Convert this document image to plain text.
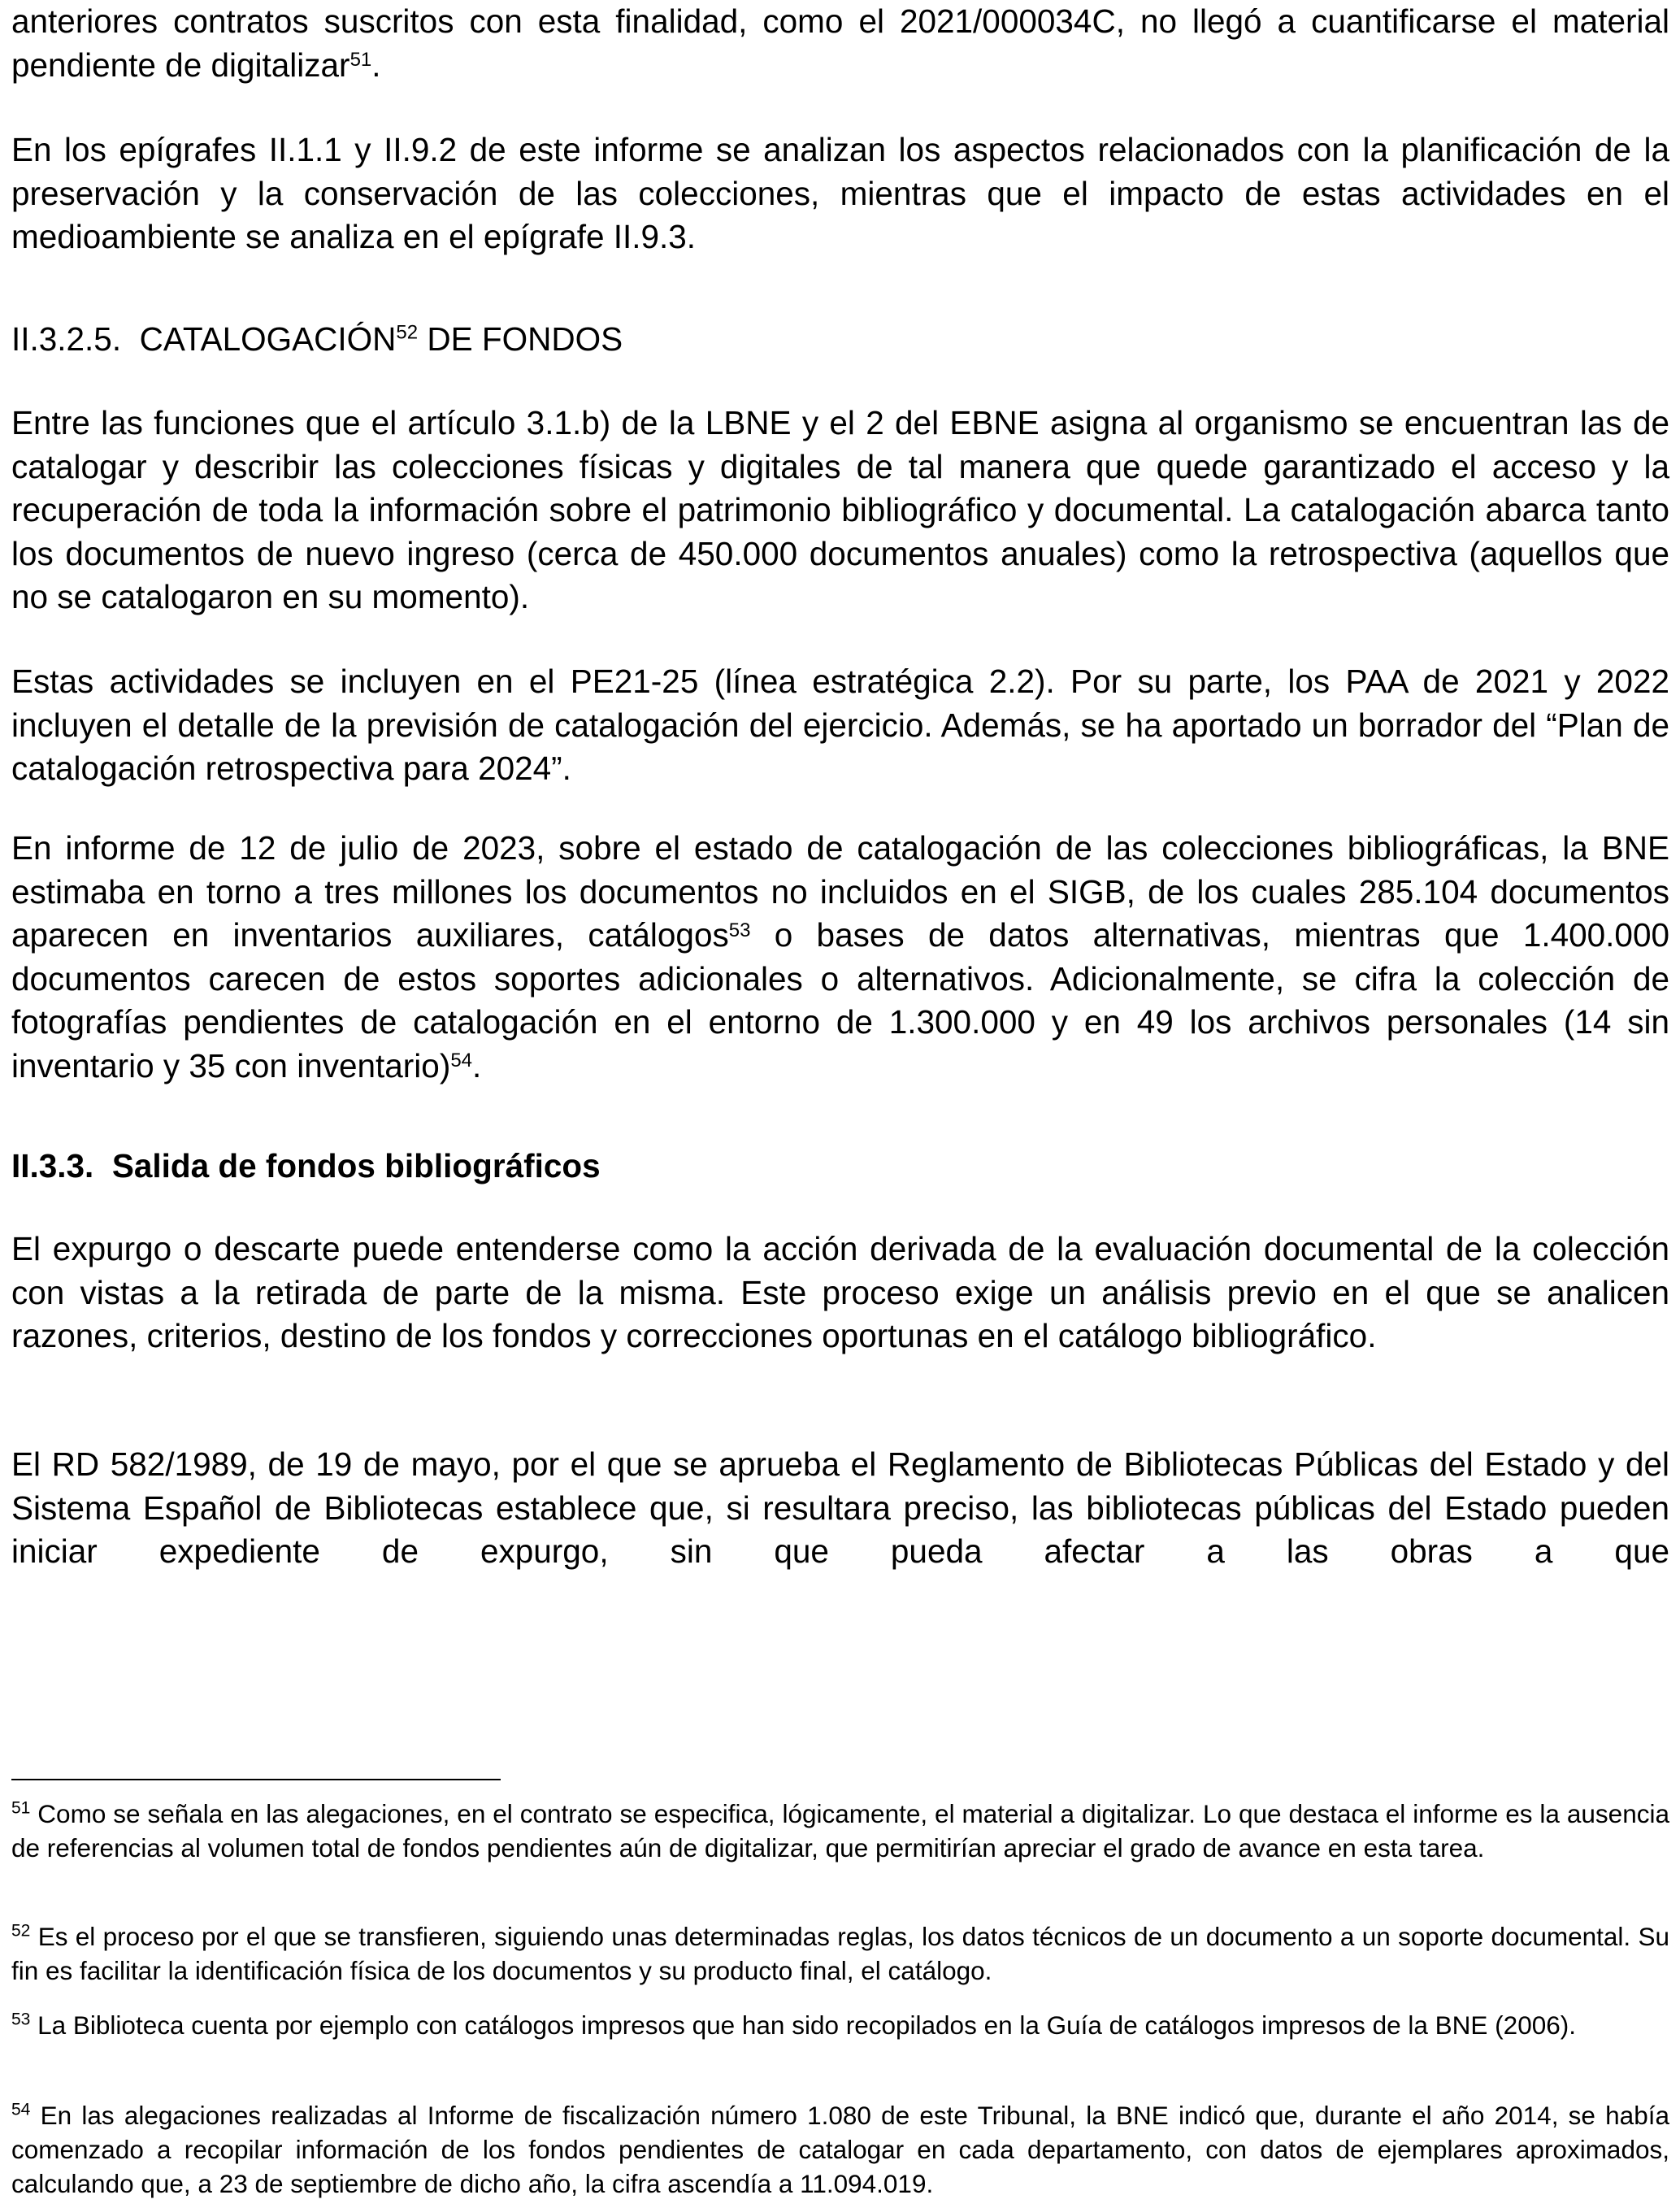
anteriores contratos suscritos con esta finalidad, como el 2021/000034C, no llegó a cuantificarse el material pendiente de digitalizar$^{51}$.

En los epígrafes II.1.1 y II.9.2 de este informe se analizan los aspectos relacionados con la planificación de la preservación y la conservación de las colecciones, mientras que el impacto de estas actividades en el medioambiente se analiza en el epígrafe II.9.3.

II.3.2.5. CATALOGACIÓN$^{52}$ DE FONDOS

Entre las funciones que el artículo 3.1.b) de la LBNE y el 2 del EBNE asigna al organismo se encuentran las de catalogar y describir las colecciones físicas y digitales de tal manera que quede garantizado el acceso y la recuperación de toda la información sobre el patrimonio bibliográfico y documental. La catalogación abarca tanto los documentos de nuevo ingreso (cerca de 450.000 documentos anuales) como la retrospectiva (aquellos que no se catalogaron en su momento).

Estas actividades se incluyen en el PE21-25 (línea estratégica 2.2). Por su parte, los PAA de 2021 y 2022 incluyen el detalle de la previsión de catalogación del ejercicio. Además, se ha aportado un borrador del “Plan de catalogación retrospectiva para 2024”.

En informe de 12 de julio de 2023, sobre el estado de catalogación de las colecciones bibliográficas, la BNE estimaba en torno a tres millones los documentos no incluidos en el SIGB, de los cuales 285.104 documentos aparecen en inventarios auxiliares, catálogos$^{53}$ o bases de datos alternativas, mientras que 1.400.000 documentos carecen de estos soportes adicionales o alternativos. Adicionalmente, se cifra la colección de fotografías pendientes de catalogación en el entorno de 1.300.000 y en 49 los archivos personales (14 sin inventario y 35 con inventario)$^{54}$.

II.3.3. Salida de fondos bibliográficos

El expurgo o descarte puede entenderse como la acción derivada de la evaluación documental de la colección con vistas a la retirada de parte de la misma. Este proceso exige un análisis previo en el que se analicen razones, criterios, destino de los fondos y correcciones oportunas en el catálogo bibliográfico.

El RD 582/1989, de 19 de mayo, por el que se aprueba el Reglamento de Bibliotecas Públicas del Estado y del Sistema Español de Bibliotecas establece que, si resultara preciso, las bibliotecas públicas del Estado pueden iniciar expediente de expurgo, sin que pueda afectar a las obras a que

$^{51}$ Como se señala en las alegaciones, en el contrato se especifica, lógicamente, el material a digitalizar. Lo que destaca el informe es la ausencia de referencias al volumen total de fondos pendientes aún de digitalizar, que permitirían apreciar el grado de avance en esta tarea.

$^{52}$ Es el proceso por el que se transfieren, siguiendo unas determinadas reglas, los datos técnicos de un documento a un soporte documental. Su fin es facilitar la identificación física de los documentos y su producto final, el catálogo.

$^{53}$ La Biblioteca cuenta por ejemplo con catálogos impresos que han sido recopilados en la Guía de catálogos impresos de la BNE (2006).

$^{54}$ En las alegaciones realizadas al Informe de fiscalización número 1.080 de este Tribunal, la BNE indicó que, durante el año 2014, se había comenzado a recopilar información de los fondos pendientes de catalogar en cada departamento, con datos de ejemplares aproximados, calculando que, a 23 de septiembre de dicho año, la cifra ascendía a 11.094.019.
